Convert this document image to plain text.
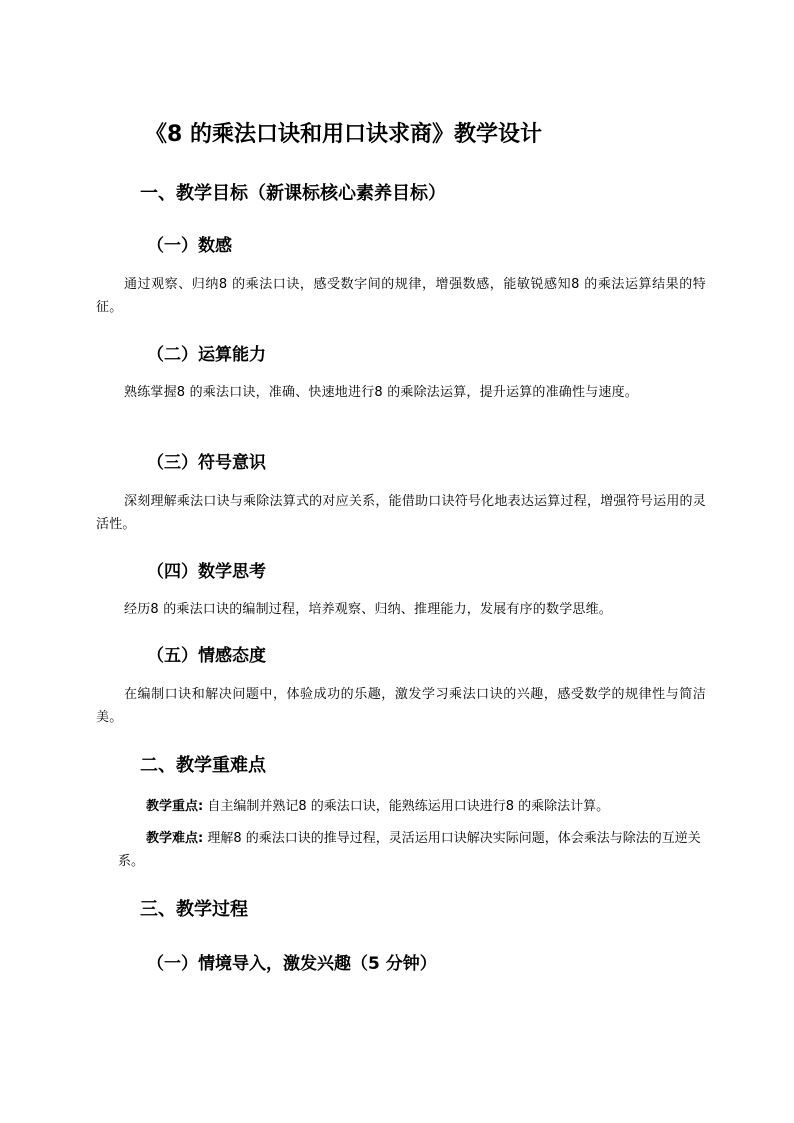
《8 的乘法口诀和用口诀求商》教学设计
一、教学目标（新课标核心素养目标）
（一）数感
通过观察、归纳8 的乘法口诀，感受数字间的规律，增强数感，能敏锐感知8 的乘法运算结果的特征。
（二）运算能力
熟练掌握8 的乘法口诀，准确、快速地进行8 的乘除法运算，提升运算的准确性与速度。
（三）符号意识
深刻理解乘法口诀与乘除法算式的对应关系，能借助口诀符号化地表达运算过程，增强符号运用的灵活性。
（四）数学思考
经历8 的乘法口诀的编制过程，培养观察、归纳、推理能力，发展有序的数学思维。
（五）情感态度
在编制口诀和解决问题中，体验成功的乐趣，激发学习乘法口诀的兴趣，感受数学的规律性与简洁美。
二、教学重难点
教学重点: 自主编制并熟记8 的乘法口诀，能熟练运用口诀进行8 的乘除法计算。
教学难点: 理解8 的乘法口诀的推导过程，灵活运用口诀解决实际问题，体会乘法与除法的互逆关系。
三、教学过程
（一）情境导入，激发兴趣（5 分钟）
